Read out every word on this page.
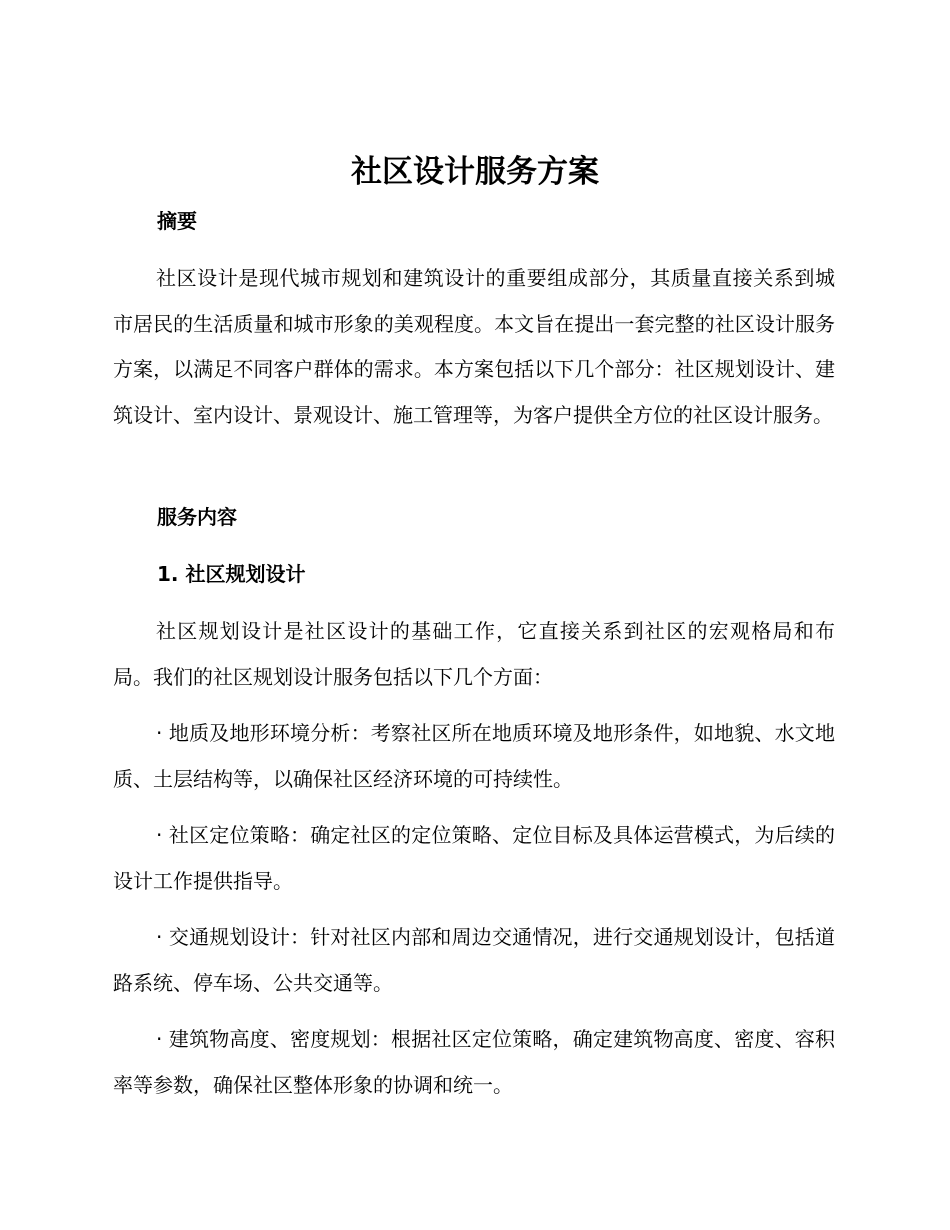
社区设计服务方案
摘要

社区设计是现代城市规划和建筑设计的重要组成部分，其质量直接关系到城市居民的生活质量和城市形象的美观程度。本文旨在提出一套完整的社区设计服务方案，以满足不同客户群体的需求。本方案包括以下几个部分：社区规划设计、建筑设计、室内设计、景观设计、施工管理等，为客户提供全方位的社区设计服务。

服务内容
1. 社区规划设计

社区规划设计是社区设计的基础工作，它直接关系到社区的宏观格局和布局。我们的社区规划设计服务包括以下几个方面：

· 地质及地形环境分析：考察社区所在地质环境及地形条件，如地貌、水文地质、土层结构等，以确保社区经济环境的可持续性。

· 社区定位策略：确定社区的定位策略、定位目标及具体运营模式，为后续的设计工作提供指导。

· 交通规划设计：针对社区内部和周边交通情况，进行交通规划设计，包括道路系统、停车场、公共交通等。

· 建筑物高度、密度规划：根据社区定位策略，确定建筑物高度、密度、容积率等参数，确保社区整体形象的协调和统一。
